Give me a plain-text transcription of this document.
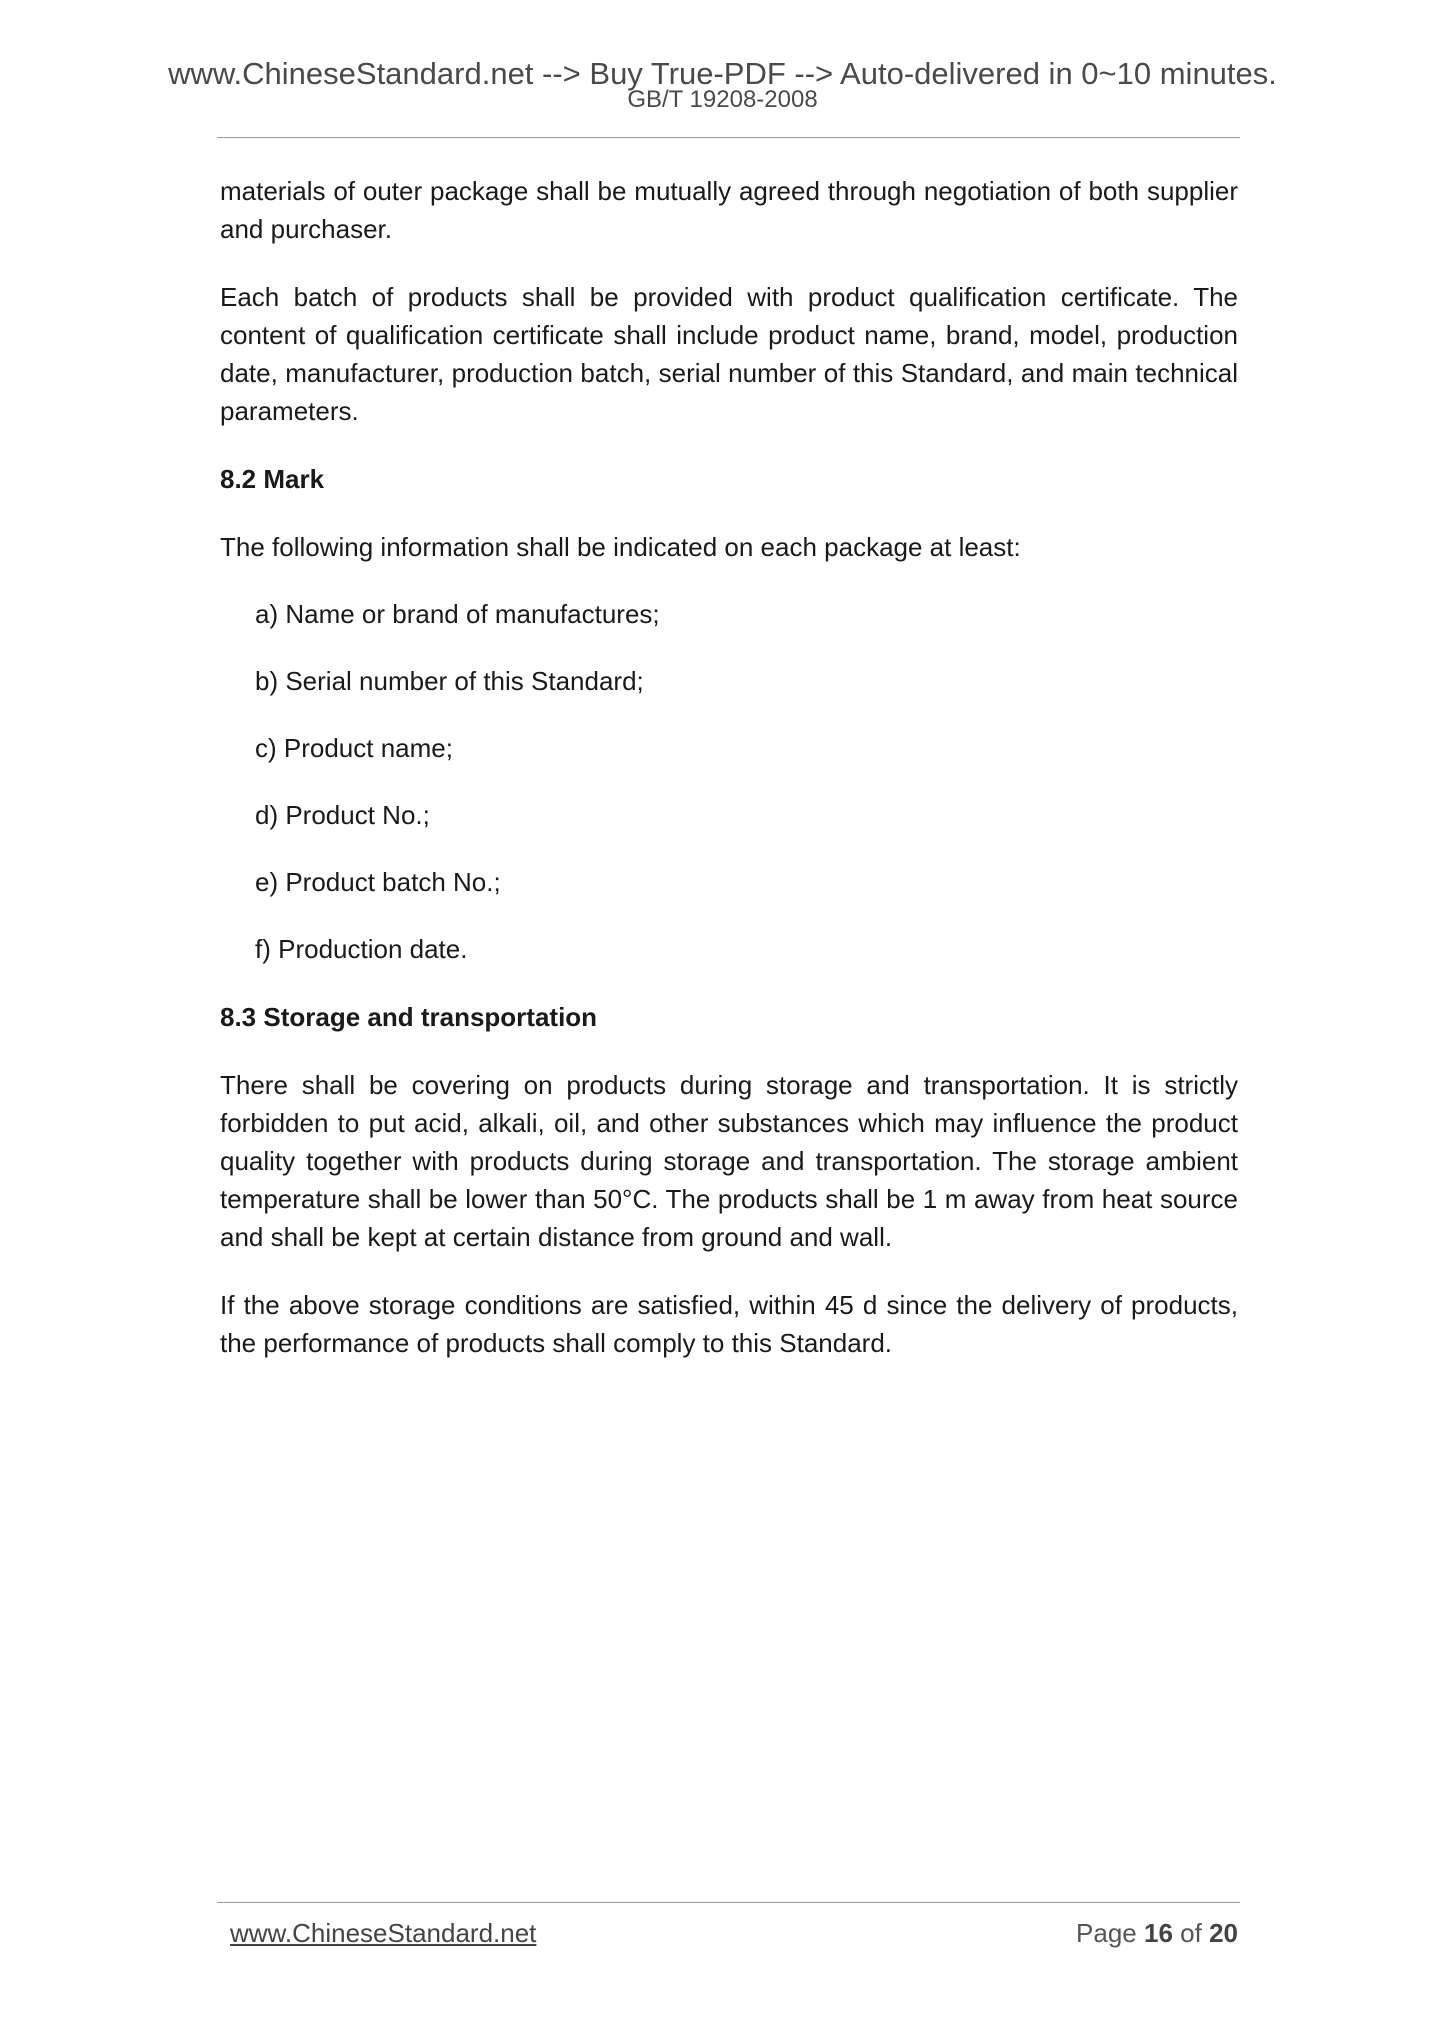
www.ChineseStandard.net --> Buy True-PDF --> Auto-delivered in 0~10 minutes.
GB/T 19208-2008

materials of outer package shall be mutually agreed through negotiation of both supplier and purchaser.

Each batch of products shall be provided with product qualification certificate. The content of qualification certificate shall include product name, brand, model, production date, manufacturer, production batch, serial number of this Standard, and main technical parameters.

8.2 Mark

The following information shall be indicated on each package at least:

a) Name or brand of manufactures;

b) Serial number of this Standard;

c) Product name;

d) Product No.;

e) Product batch No.;

f) Production date.

8.3 Storage and transportation

There shall be covering on products during storage and transportation. It is strictly forbidden to put acid, alkali, oil, and other substances which may influence the product quality together with products during storage and transportation. The storage ambient temperature shall be lower than 50°C. The products shall be 1 m away from heat source and shall be kept at certain distance from ground and wall.

If the above storage conditions are satisfied, within 45 d since the delivery of products, the performance of products shall comply to this Standard.

www.ChineseStandard.net	Page 16 of 20
